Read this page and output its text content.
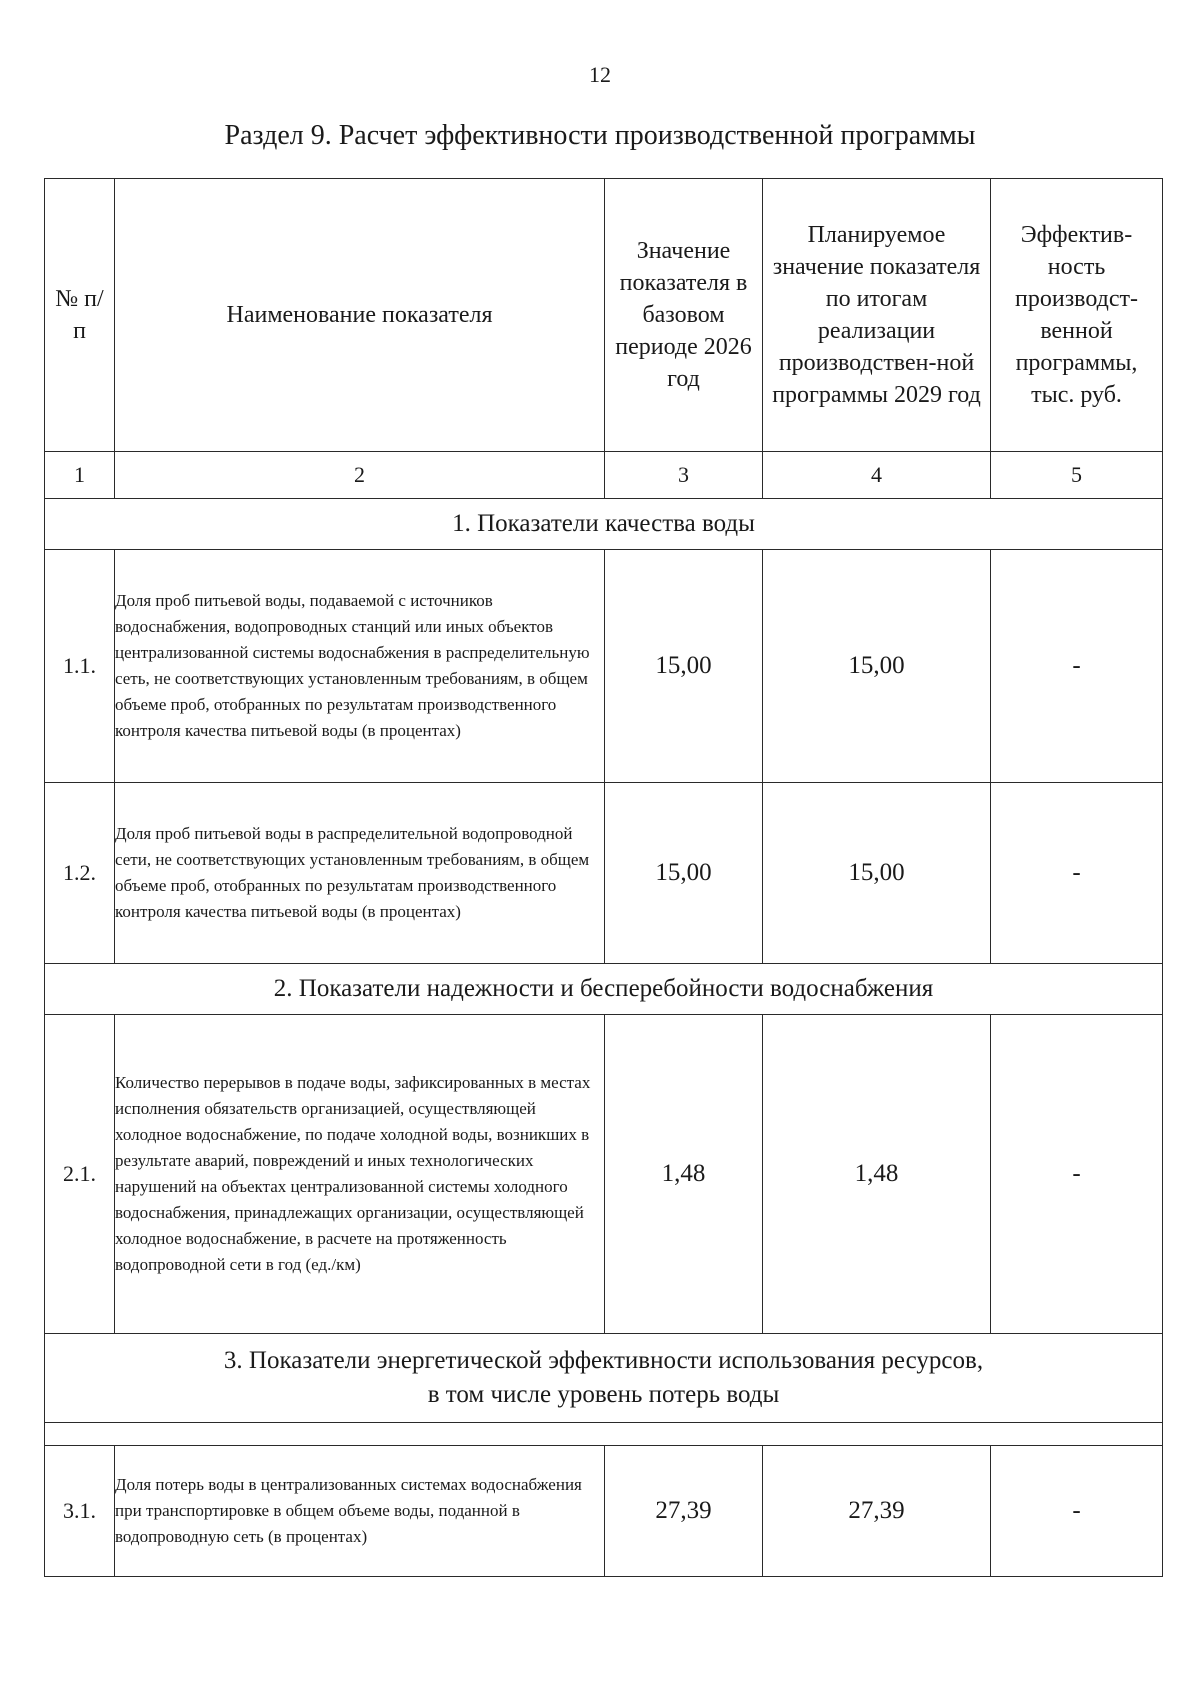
12
Раздел 9. Расчет эффективности производственной программы
№ п/п	Наименование показателя	Значение показателя в базовом периоде 2026 год	Планируемое значение показателя по итогам реализации производствен-ной программы 2029 год	Эффектив-ность производст-венной программы, тыс. руб.
1	2	3	4	5
1. Показатели качества воды				
1.1.	Доля проб питьевой воды, подаваемой с источников водоснабжения, водопроводных станций или иных объектов централизованной системы водоснабжения в распределительную сеть, не соответствующих установленным требованиям, в общем объеме проб, отобранных по результатам производственного контроля качества питьевой воды (в процентах)	15,00	15,00	-
1.2.	Доля проб питьевой воды в распределительной водопроводной сети, не соответствующих установленным требованиям, в общем объеме проб, отобранных по результатам производственного контроля качества питьевой воды (в процентах)	15,00	15,00	-
2. Показатели надежности и бесперебойности водоснабжения				
2.1.	Количество перерывов в подаче воды, зафиксированных в местах исполнения обязательств организацией, осуществляющей холодное водоснабжение, по подаче холодной воды, возникших в результате аварий, повреждений и иных технологических нарушений на объектах централизованной системы холодного водоснабжения, принадлежащих организации, осуществляющей холодное водоснабжение, в расчете на протяженность водопроводной сети в год (ед./км)	1,48	1,48	-
3. Показатели энергетической эффективности использования ресурсов,
в том числе уровень потерь воды				

3.1.	Доля потерь воды в централизованных системах водоснабжения при транспортировке в общем объеме воды, поданной в водопроводную сеть (в процентах)	27,39	27,39	-
